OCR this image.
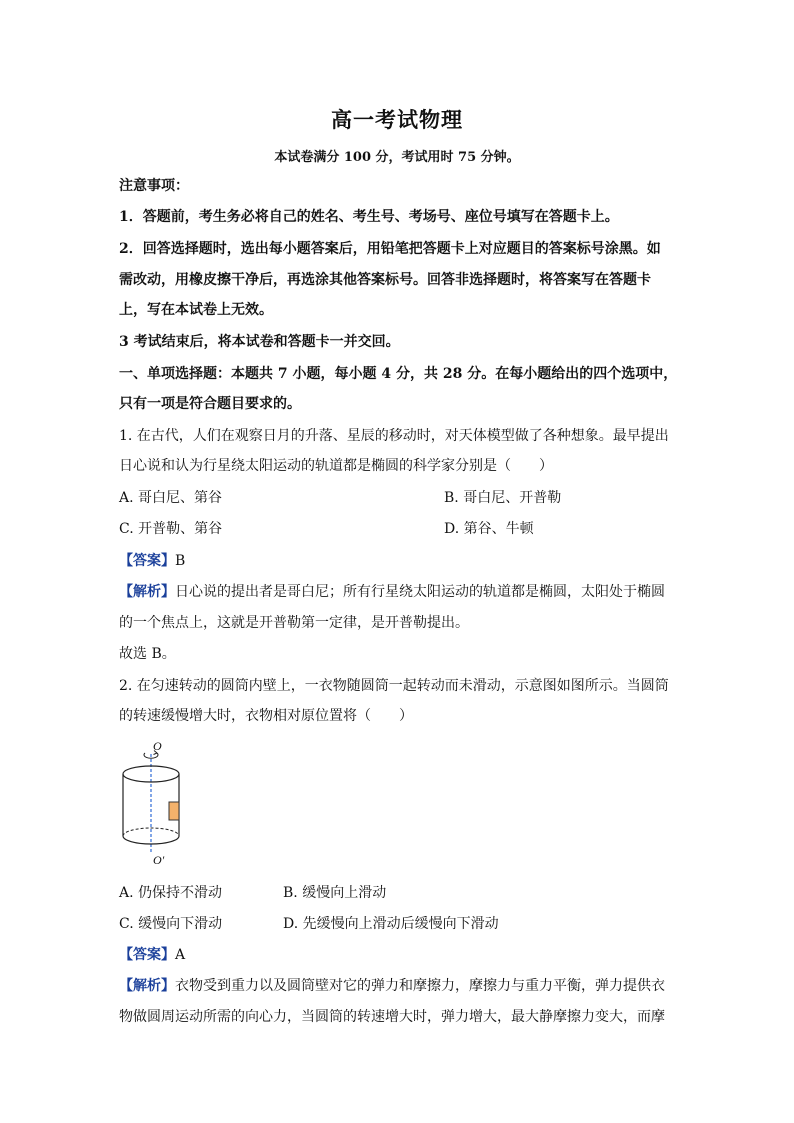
高一考试物理
本试卷满分 100 分，考试用时 75 分钟。
注意事项：
1．答题前，考生务必将自己的姓名、考生号、考场号、座位号填写在答题卡上。
2．回答选择题时，选出每小题答案后，用铅笔把答题卡上对应题目的答案标号涂黑。如
需改动，用橡皮擦干净后，再选涂其他答案标号。回答非选择题时，将答案写在答题卡
上，写在本试卷上无效。
3 考试结束后，将本试卷和答题卡一并交回。
一、单项选择题：本题共 7 小题，每小题 4 分，共 28 分。在每小题给出的四个选项中，
只有一项是符合题目要求的。
1. 在古代，人们在观察日月的升落、星辰的移动时，对天体模型做了各种想象。最早提出
日心说和认为行星绕太阳运动的轨道都是椭圆的科学家分别是（　　）
A. 哥白尼、第谷	B. 哥白尼、开普勒
C. 开普勒、第谷	D. 第谷、牛顿
【答案】B
【解析】日心说的提出者是哥白尼；所有行星绕太阳运动的轨道都是椭圆，太阳处于椭圆
的一个焦点上，这就是开普勒第一定律，是开普勒提出。
故选 B。
2. 在匀速转动的圆筒内壁上，一衣物随圆筒一起转动而未滑动，示意图如图所示。当圆筒
的转速缓慢增大时，衣物相对原位置将（　　）
O
O′
A. 仍保持不滑动	B. 缓慢向上滑动
C. 缓慢向下滑动	D. 先缓慢向上滑动后缓慢向下滑动
【答案】A
【解析】衣物受到重力以及圆筒壁对它的弹力和摩擦力，摩擦力与重力平衡，弹力提供衣
物做圆周运动所需的向心力，当圆筒的转速增大时，弹力增大，最大静摩擦力变大，而摩
